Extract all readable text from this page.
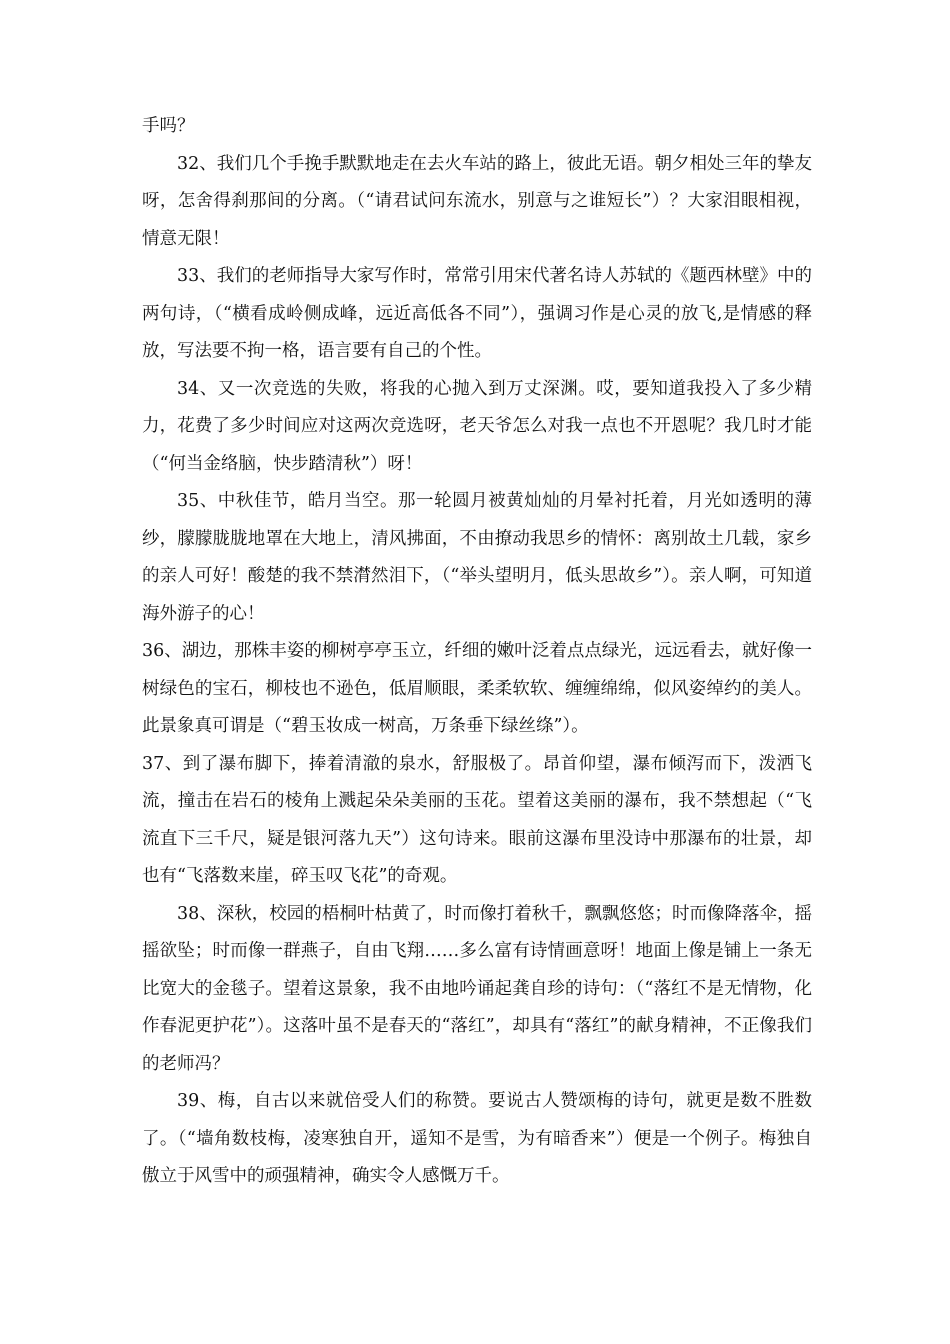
手吗？

32、我们几个手挽手默默地走在去火车站的路上，彼此无语。朝夕相处三年的挚友呀，怎舍得刹那间的分离。（“请君试问东流水，别意与之谁短长”）？大家泪眼相视，情意无限！

33、我们的老师指导大家写作时，常常引用宋代著名诗人苏轼的《题西林壁》中的两句诗，（“横看成岭侧成峰，远近高低各不同”），强调习作是心灵的放飞,是情感的释放，写法要不拘一格，语言要有自己的个性。

34、又一次竞选的失败，将我的心抛入到万丈深渊。哎，要知道我投入了多少精力，花费了多少时间应对这两次竞选呀，老天爷怎么对我一点也不开恩呢？我几时才能（“何当金络脑，快步踏清秋”）呀！

35、中秋佳节，皓月当空。那一轮圆月被黄灿灿的月晕衬托着，月光如透明的薄纱，朦朦胧胧地罩在大地上，清风拂面，不由撩动我思乡的情怀：离别故土几载，家乡的亲人可好！酸楚的我不禁潸然泪下，（“举头望明月，低头思故乡”）。亲人啊，可知道海外游子的心！

36、湖边，那株丰姿的柳树亭亭玉立，纤细的嫩叶泛着点点绿光，远远看去，就好像一树绿色的宝石，柳枝也不逊色，低眉顺眼，柔柔软软、缠缠绵绵，似风姿绰约的美人。此景象真可谓是（“碧玉妆成一树高，万条垂下绿丝绦”）。

37、到了瀑布脚下，捧着清澈的泉水，舒服极了。昂首仰望，瀑布倾泻而下，泼洒飞流，撞击在岩石的棱角上溅起朵朵美丽的玉花。望着这美丽的瀑布，我不禁想起（“飞流直下三千尺，疑是银河落九天”）这句诗来。眼前这瀑布里没诗中那瀑布的壮景，却也有“飞落数来崖，碎玉叹飞花”的奇观。

38、深秋，校园的梧桐叶枯黄了，时而像打着秋千，飘飘悠悠；时而像降落伞，摇摇欲坠；时而像一群燕子，自由飞翔……多么富有诗情画意呀！地面上像是铺上一条无比宽大的金毯子。望着这景象，我不由地吟诵起龚自珍的诗句：（“落红不是无情物，化作春泥更护花”）。这落叶虽不是春天的“落红”，却具有“落红”的献身精神，不正像我们的老师冯？

39、梅，自古以来就倍受人们的称赞。要说古人赞颂梅的诗句，就更是数不胜数了。（“墙角数枝梅，凌寒独自开，遥知不是雪，为有暗香来”）便是一个例子。梅独自傲立于风雪中的顽强精神，确实令人感慨万千。
